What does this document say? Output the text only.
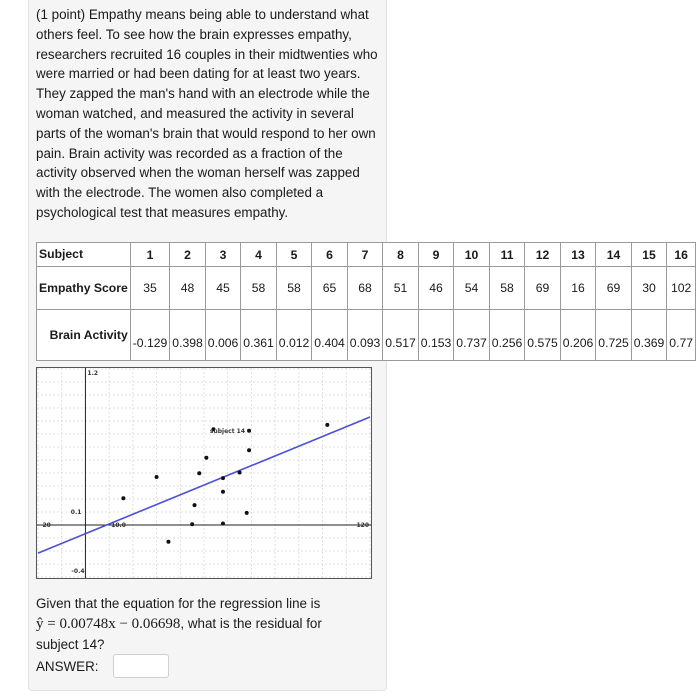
(1 point) Empathy means being able to understand what others feel. To see how the brain expresses empathy, researchers recruited 16 couples in their midtwenties who were married or had been dating for at least two years. They zapped the man's hand with an electrode while the woman watched, and measured the activity in several parts of the woman's brain that would respond to her own pain. Brain activity was recorded as a fraction of the activity observed when the woman herself was zapped with the electrode. The women also completed a psychological test that measures empathy.
Subject	1	2	3	4	5	6	7	8	9	10	11	12	13	14	15	16
Empathy Score	35	48	45	58	58	65	68	51	46	54	58	69	16	69	30	102
Brain Activity	-0.129	0.398	0.006	0.361	0.012	0.404	0.093	0.517	0.153	0.737	0.256	0.575	0.206	0.725	0.369	0.77
1.2
-0.4
-20	120
0.1
10.0
subject 14
Given that the equation for the regression line is
ŷ = 0.00748x − 0.06698, what is the residual for subject 14?
ANSWER:
